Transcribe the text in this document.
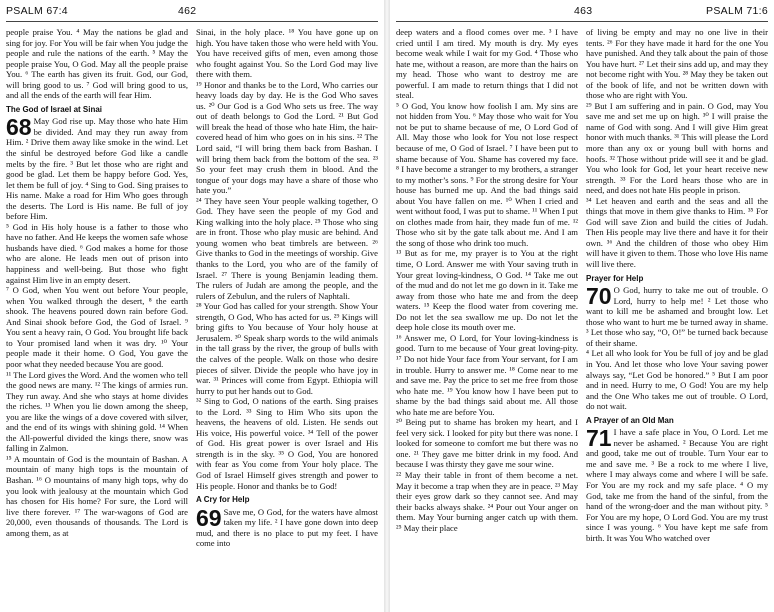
PSALM 67:4	462

people praise You. ⁴ May the nations be glad and sing for joy. For You will be fair when You judge the people and rule the nations of the earth. ⁵ May the people praise You, O God. May all the people praise You. ⁶ The earth has given its fruit. God, our God, will bring good to us. ⁷ God will bring good to us, and all the ends of the earth will fear Him.

The God of Israel at Sinai

68 May God rise up. May those who hate Him be divided. And may they run away from Him. ² Drive them away like smoke in the wind. Let the sinful be destroyed before God like a candle melts by the fire. ³ But let those who are right and good be glad. Let them be happy before God. Yes, let them be full of joy. ⁴ Sing to God. Sing praises to His name. Make a road for Him Who goes through the deserts. The Lord is His name. Be full of joy before Him.

⁵ God in His holy house is a father to those who have no father. And He keeps the women safe whose husbands have died. ⁶ God makes a home for those who are alone. He leads men out of prison into happiness and well-being. But those who fight against Him live in an empty desert.

⁷ O God, when You went out before Your people, when You walked through the desert, ⁸ the earth shook. The heavens poured down rain before God. And Sinai shook before God, the God of Israel. ⁹ You sent a heavy rain, O God. You brought life back to Your promised land when it was dry. ¹⁰ Your people made it their home. O God, You gave the poor what they needed because You are good.

¹¹ The Lord gives the Word. And the women who tell the good news are many. ¹² The kings of armies run. They run away. And she who stays at home divides the riches. ¹³ When you lie down among the sheep, you are like the wings of a dove covered with silver, and the end of its wings with shining gold. ¹⁴ When the All-powerful divided the kings there, snow was falling in Zalmon.

¹⁵ A mountain of God is the mountain of Bashan. A mountain of many high tops is the mountain of Bashan. ¹⁶ O mountains of many high tops, why do you look with jealousy at the mountain which God has chosen for His home? For sure, the Lord will live there forever. ¹⁷ The war-wagons of God are 20,000, even thousands of thousands. The Lord is among them, as at

Sinai, in the holy place. ¹⁸ You have gone up on high. You have taken those who were held with You. You have received gifts of men, even among those who fought against You. So the Lord God may live there with them.

¹⁹ Honor and thanks be to the Lord, Who carries our heavy loads day by day. He is the God Who saves us. ²⁰ Our God is a God Who sets us free. The way out of death belongs to God the Lord. ²¹ But God will break the head of those who hate Him, the hair-covered head of him who goes on in his sins. ²² The Lord said, “I will bring them back from Bashan. I will bring them back from the bottom of the sea. ²³ So your feet may crush them in blood. And the tongue of your dogs may have a share of those who hate you.”

²⁴ They have seen Your people walking together, O God. They have seen the people of my God and King walking into the holy place. ²⁵ Those who sing are in front. Those who play music are behind. And young women who beat timbrels are between. ²⁶ Give thanks to God in the meetings of worship. Give thanks to the Lord, you who are of the family of Israel. ²⁷ There is young Benjamin leading them. The rulers of Judah are among the people, and the rulers of Zebulun, and the rulers of Naphtali.

²⁸ Your God has called for your strength. Show Your strength, O God, Who has acted for us. ²⁹ Kings will bring gifts to You because of Your holy house at Jerusalem. ³⁰ Speak sharp words to the wild animals in the tall grass by the river, the group of bulls with the calves of the people. Walk on those who desire pieces of silver. Divide the people who have joy in war. ³¹ Princes will come from Egypt. Ethiopia will hurry to put her hands out to God.

³² Sing to God, O nations of the earth. Sing praises to the Lord. ³³ Sing to Him Who sits upon the heavens, the heavens of old. Listen. He sends out His voice, His powerful voice. ³⁴ Tell of the power of God. His great power is over Israel and His strength is in the sky. ³⁵ O God, You are honored with fear as You come from Your holy place. The God of Israel Himself gives strength and power to His people. Honor and thanks be to God!

A Cry for Help

69 Save me, O God, for the waters have almost taken my life. ² I have gone down into deep mud, and there is no place to put my feet. I have come into

463	PSALM 71:6

deep waters and a flood comes over me. ³ I have cried until I am tired. My mouth is dry. My eyes become weak while I wait for my God. ⁴ Those who hate me, without a reason, are more than the hairs on my head. Those who want to destroy me are powerful. I am made to return things that I did not steal.

⁵ O God, You know how foolish I am. My sins are not hidden from You. ⁶ May those who wait for You not be put to shame because of me, O Lord God of All. May those who look for You not lose respect because of me, O God of Israel. ⁷ I have been put to shame because of You. Shame has covered my face. ⁸ I have become a stranger to my brothers, a stranger to my mother’s sons. ⁹ For the strong desire for Your house has burned me up. And the bad things said about You have fallen on me. ¹⁰ When I cried and went without food, I was put to shame. ¹¹ When I put on clothes made from hair, they made fun of me. ¹² Those who sit by the gate talk about me. And I am the song of those who drink too much.

¹³ But as for me, my prayer is to You at the right time, O Lord. Answer me with Your saving truth in Your great loving-kindness, O God. ¹⁴ Take me out of the mud and do not let me go down in it. Take me away from those who hate me and from the deep waters. ¹⁵ Keep the flood water from covering me. Do not let the sea swallow me up. Do not let the deep hole close its mouth over me.

¹⁶ Answer me, O Lord, for Your loving-kindness is good. Turn to me because of Your great loving-pity. ¹⁷ Do not hide Your face from Your servant, for I am in trouble. Hurry to answer me. ¹⁸ Come near to me and save me. Pay the price to set me free from those who hate me. ¹⁹ You know how I have been put to shame by the bad things said about me. All those who hate me are before You.

²⁰ Being put to shame has broken my heart, and I feel very sick. I looked for pity but there was none. I looked for someone to comfort me but there was no one. ²¹ They gave me bitter drink in my food. And because I was thirsty they gave me sour wine.

²² May their table in front of them become a net. May it become a trap when they are in peace. ²³ May their eyes grow dark so they cannot see. And may their backs always shake. ²⁴ Pour out Your anger on them. May Your burning anger catch up with them. ²⁵ May their place

of living be empty and may no one live in their tents. ²⁶ For they have made it hard for the one You have punished. And they talk about the pain of those You have hurt. ²⁷ Let their sins add up, and may they not become right with You. ²⁸ May they be taken out of the book of life, and not be written down with those who are right with You.

²⁹ But I am suffering and in pain. O God, may You save me and set me up on high. ³⁰ I will praise the name of God with song. And I will give Him great honor with much thanks. ³¹ This will please the Lord more than any ox or young bull with horns and hoofs. ³² Those without pride will see it and be glad. You who look for God, let your heart receive new strength. ³³ For the Lord hears those who are in need, and does not hate His people in prison.

³⁴ Let heaven and earth and the seas and all the things that move in them give thanks to Him. ³⁵ For God will save Zion and build the cities of Judah. Then His people may live there and have it for their own. ³⁶ And the children of those who obey Him will have it given to them. Those who love His name will live there.

Prayer for Help

70 O God, hurry to take me out of trouble. O Lord, hurry to help me! ² Let those who want to kill me be ashamed and brought low. Let those who want to hurt me be turned away in shame. ³ Let those who say, “O, O!” be turned back because of their shame.

⁴ Let all who look for You be full of joy and be glad in You. And let those who love Your saving power always say, “Let God be honored.” ⁵ But I am poor and in need. Hurry to me, O God! You are my help and the One Who takes me out of trouble. O Lord, do not wait.

A Prayer of an Old Man

71 I have a safe place in You, O Lord. Let me never be ashamed. ² Because You are right and good, take me out of trouble. Turn Your ear to me and save me. ³ Be a rock to me where I live, where I may always come and where I will be safe. For You are my rock and my safe place. ⁴ O my God, take me from the hand of the sinful, from the hand of the wrong-doer and the man without pity. ⁵ For You are my hope, O Lord God. You are my trust since I was young. ⁶ You have kept me safe from birth. It was You Who watched over
